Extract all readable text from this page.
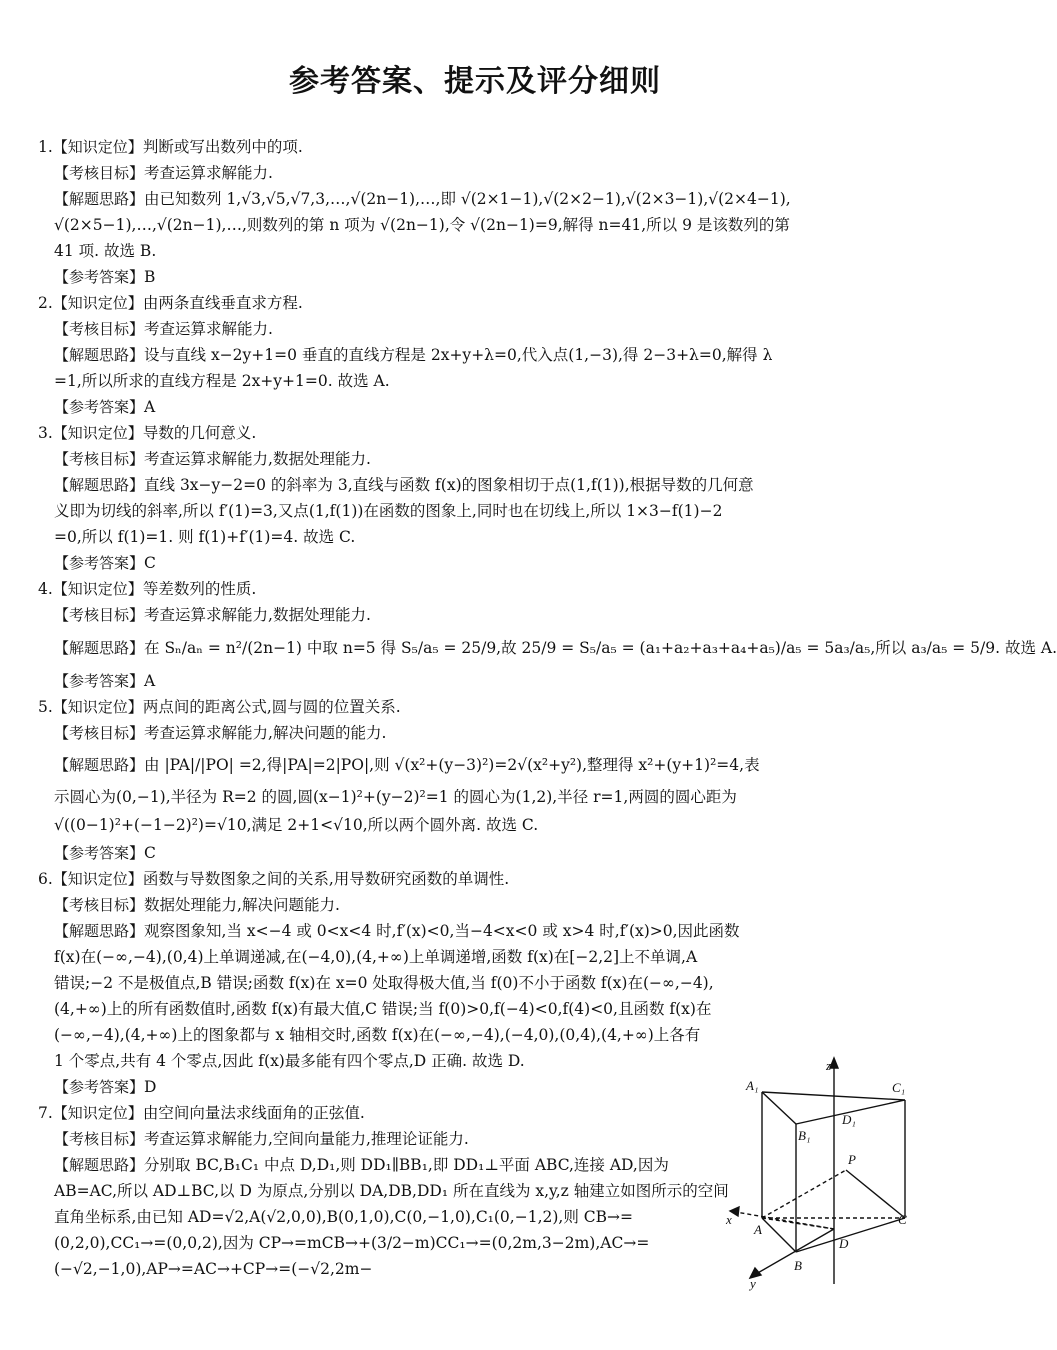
参考答案、提示及评分细则
1.【知识定位】判断或写出数列中的项.
【考核目标】考查运算求解能力.
【解题思路】由已知数列 1,√3,√5,√7,3,…,√(2n−1),…,即 √(2×1−1),√(2×2−1),√(2×3−1),√(2×4−1),
√(2×5−1),…,√(2n−1),…,则数列的第 n 项为 √(2n−1),令 √(2n−1)=9,解得 n=41,所以 9 是该数列的第
41 项. 故选 B.
【参考答案】B
2.【知识定位】由两条直线垂直求方程.
【考核目标】考查运算求解能力.
【解题思路】设与直线 x−2y+1=0 垂直的直线方程是 2x+y+λ=0,代入点(1,−3),得 2−3+λ=0,解得 λ
=1,所以所求的直线方程是 2x+y+1=0. 故选 A.
【参考答案】A
3.【知识定位】导数的几何意义.
【考核目标】考查运算求解能力,数据处理能力.
【解题思路】直线 3x−y−2=0 的斜率为 3,直线与函数 f(x)的图象相切于点(1,f(1)),根据导数的几何意
义即为切线的斜率,所以 f′(1)=3,又点(1,f(1))在函数的图象上,同时也在切线上,所以 1×3−f(1)−2
=0,所以 f(1)=1. 则 f(1)+f′(1)=4. 故选 C.
【参考答案】C
4.【知识定位】等差数列的性质.
【考核目标】考查运算求解能力,数据处理能力.
【解题思路】在 Sₙ/aₙ = n²/(2n−1) 中取 n=5 得 S₅/a₅ = 25/9,故 25/9 = S₅/a₅ = (a₁+a₂+a₃+a₄+a₅)/a₅ = 5a₃/a₅,所以 a₃/a₅ = 5/9. 故选 A.
【参考答案】A
5.【知识定位】两点间的距离公式,圆与圆的位置关系.
【考核目标】考查运算求解能力,解决问题的能力.
【解题思路】由 |PA|/|PO| =2,得|PA|=2|PO|,则 √(x²+(y−3)²)=2√(x²+y²),整理得 x²+(y+1)²=4,表
示圆心为(0,−1),半径为 R=2 的圆,圆(x−1)²+(y−2)²=1 的圆心为(1,2),半径 r=1,两圆的圆心距为
√((0−1)²+(−1−2)²)=√10,满足 2+1<√10,所以两个圆外离. 故选 C.
【参考答案】C
6.【知识定位】函数与导数图象之间的关系,用导数研究函数的单调性.
【考核目标】数据处理能力,解决问题能力.
【解题思路】观察图象知,当 x<−4 或 0<x<4 时,f′(x)<0,当−4<x<0 或 x>4 时,f′(x)>0,因此函数
f(x)在(−∞,−4),(0,4)上单调递减,在(−4,0),(4,+∞)上单调递增,函数 f(x)在[−2,2]上不单调,A
错误;−2 不是极值点,B 错误;函数 f(x)在 x=0 处取得极大值,当 f(0)不小于函数 f(x)在(−∞,−4),
(4,+∞)上的所有函数值时,函数 f(x)有最大值,C 错误;当 f(0)>0,f(−4)<0,f(4)<0,且函数 f(x)在
(−∞,−4),(4,+∞)上的图象都与 x 轴相交时,函数 f(x)在(−∞,−4),(−4,0),(0,4),(4,+∞)上各有
1 个零点,共有 4 个零点,因此 f(x)最多能有四个零点,D 正确. 故选 D.
【参考答案】D
7.【知识定位】由空间向量法求线面角的正弦值.
【考核目标】考查运算求解能力,空间向量能力,推理论证能力.
【解题思路】分别取 BC,B₁C₁ 中点 D,D₁,则 DD₁∥BB₁,即 DD₁⊥平面 ABC,连接 AD,因为 AB=AC,所以 AD⊥BC,以 D 为原点,分别以 DA,DB,DD₁ 所在直线为 x,y,z 轴建立如图所示的空间直角坐标系,由已知 AD=√2,A(√2,0,0),B(0,1,0),C(0,−1,0),C₁(0,−1,2),则 CB→=(0,2,0),CC₁→=(0,0,2),因为 CP→=mCB→+(3/2−m)CC₁→=(0,2m,3−2m),AC→=(−√2,−1,0),AP→=AC→+CP→=(−√2,2m−
z
A₁	C₁
D₁
B₁
P
x
A
C
D
B
y
